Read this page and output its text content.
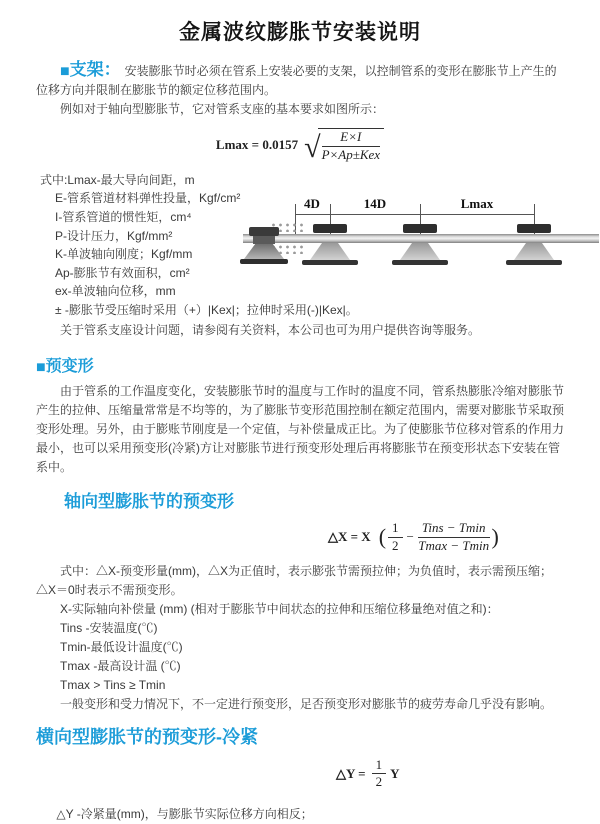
金属波纹膨胀节安装说明

■支架： 安装膨胀节时必须在管系上安装必要的支架，以控制管系的变形在膨胀节上产生的位移方向并限制在膨胀节的额定位移范围内。

例如对于轴向型膨胀节，它对管系支座的基本要求如图所示：

Lmax = 0.0157 √ $\frac{E\times I}{\text{P×Ap±Kex}}$

式中:Lmax-最大导向间距，m

E-管系管道材料弹性投量，Kgf/cm²

I-管系管道的惯性矩，cm⁴

P-设计压力，Kgf/mm²

K-单波轴向刚度；Kgf/mm

Ap-膨胀节有效面积，cm²

ex-单波轴向位移，mm

± -膨胀节受压缩时采用（+）|Kex|；拉伸时采用(-)|Kex|。

关于管系支座设计问题，请参阅有关资料，本公司也可为用户提供咨询等服务。

■预变形

由于管系的工作温度变化，安装膨胀节时的温度与工作时的温度不同，管系热膨胀冷缩对膨胀节产生的拉伸、压缩量常常是不均等的，为了膨胀节变形范围控制在额定范围内，需要对膨胀节采取预变形处理。另外，由于膨账节刚度是一个定值，与补偿量成正比。为了使膨胀节位移对管系的作用力最小，也可以采用预变形(冷紧)方让对膨胀节进行预变形处理后再将膨胀节在预变形状态下安装在管系中。

轴向型膨胀节的预变形
△X = X ( $\frac{1}{2} - \frac{\text{Tins − Tmin}}{Tmax - Tmin}$ )

式中：△X-预变形量(mm)，△X为正值时，表示膨张节需预拉伸；为负值时，表示需预压缩；△X＝0时表示不需预变形。

X-实际轴向补偿量 (mm) (相对于膨胀节中间状态的拉伸和压缩位移量绝对值之和)：

Tins -安装温度(℃)

Tmin-最低设计温度(℃)

Tmax -最高设计温 (℃)

Tmax > Tins ≥ Tmin

一般变形和受力情况下，不一定进行预变形，足否预变形对膨胀节的疲劳寿命几乎没有影响。

横向型膨胀节的预变形-冷紧
△Y = $\frac{1}{2}$ Y

△Y -冷紧量(mm)，与膨胀节实际位移方向相反；

4D	14D	Lmax
